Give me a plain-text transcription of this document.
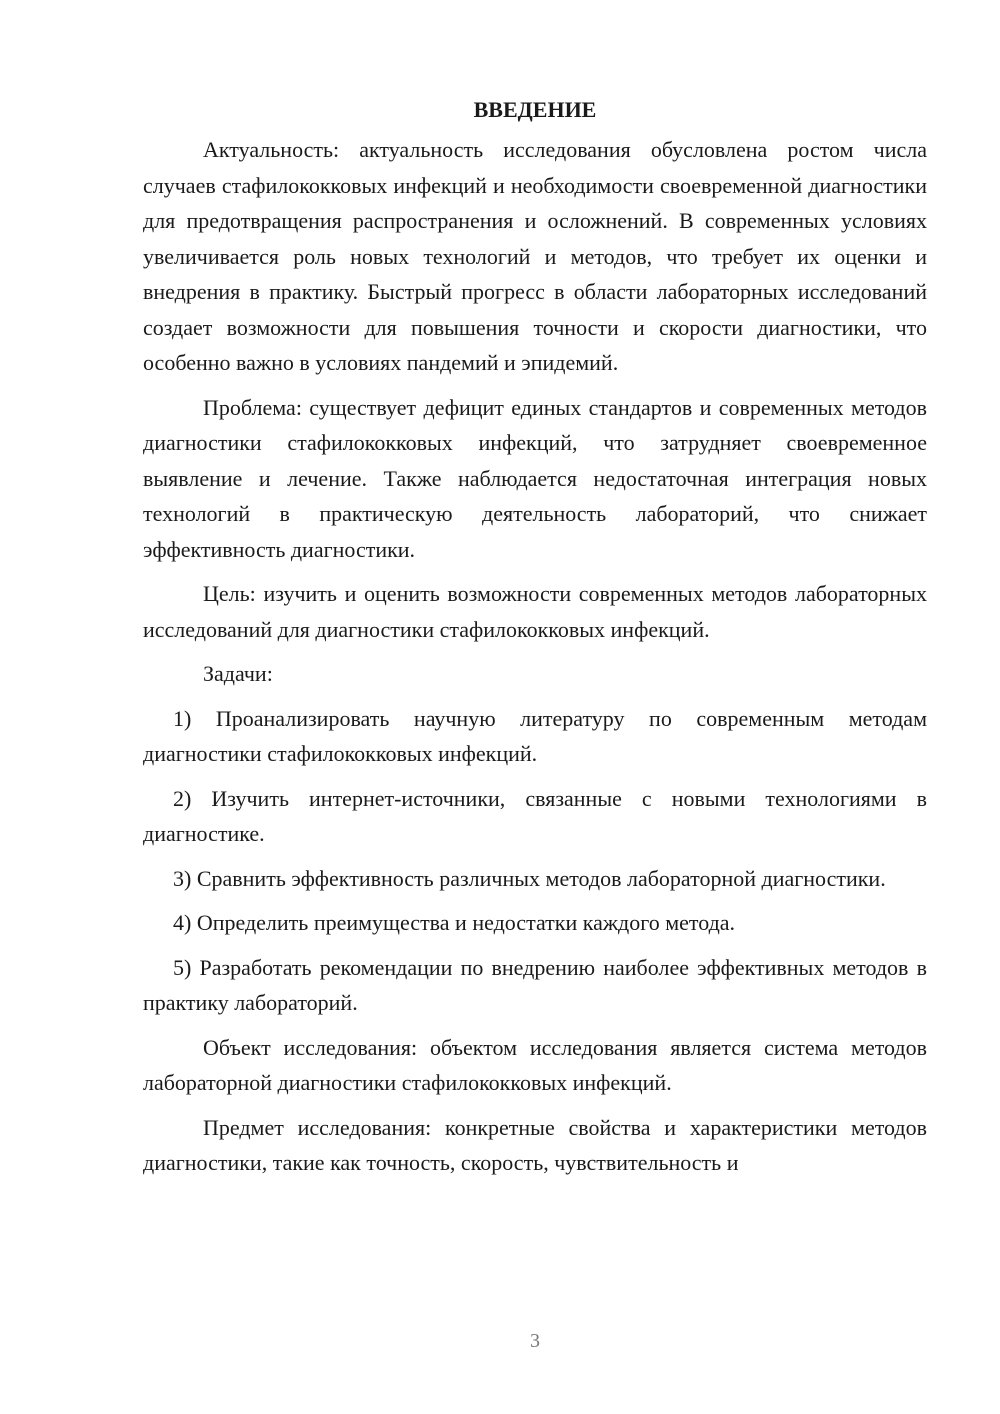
ВВЕДЕНИЕ

Актуальность: актуальность исследования обусловлена ростом числа случаев стафилококковых инфекций и необходимости своевременной диагностики для предотвращения распространения и осложнений. В современных условиях увеличивается роль новых технологий и методов, что требует их оценки и внедрения в практику. Быстрый прогресс в области лабораторных исследований создает возможности для повышения точности и скорости диагностики, что особенно важно в условиях пандемий и эпидемий.

Проблема: существует дефицит единых стандартов и современных методов диагностики стафилококковых инфекций, что затрудняет своевременное выявление и лечение. Также наблюдается недостаточная интеграция новых технологий в практическую деятельность лабораторий, что снижает эффективность диагностики.

Цель: изучить и оценить возможности современных методов лабораторных исследований для диагностики стафилококковых инфекций.

Задачи:

1) Проанализировать научную литературу по современным методам диагностики стафилококковых инфекций.

2) Изучить интернет-источники, связанные с новыми технологиями в диагностике.

3) Сравнить эффективность различных методов лабораторной диагностики.

4) Определить преимущества и недостатки каждого метода.

5) Разработать рекомендации по внедрению наиболее эффективных методов в практику лабораторий.

Объект исследования: объектом исследования является система методов лабораторной диагностики стафилококковых инфекций.

Предмет исследования: конкретные свойства и характеристики методов диагностики, такие как точность, скорость, чувствительность и

3
